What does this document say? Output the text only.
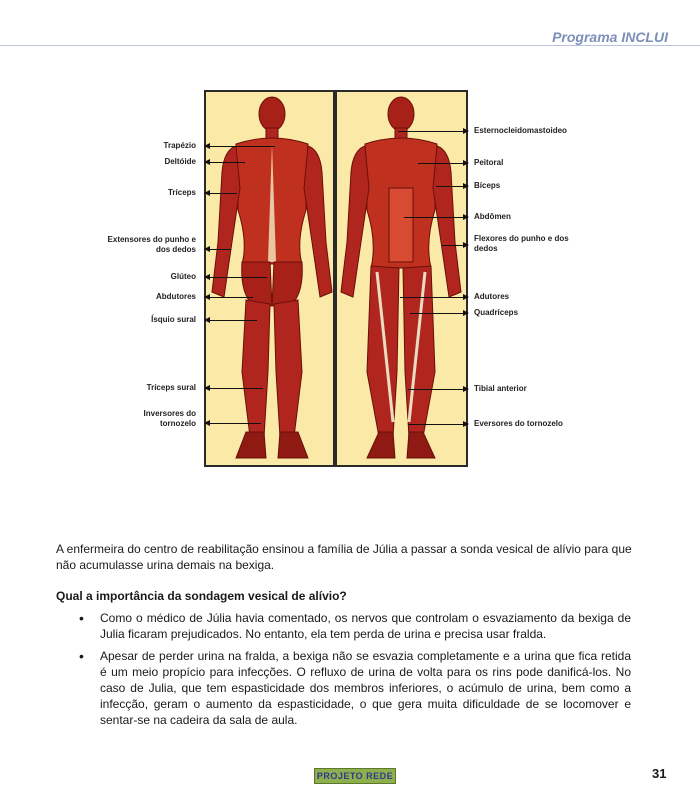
Programa INCLUI
Trapézio
Deltóide
Tríceps
Extensores do punho e dos dedos
Glúteo
Abdutores
Ísquio sural
Tríceps sural
Inversores do tornozelo
Esternocleidomastoideo
Peitoral
Bíceps
Abdômen
Flexores do punho e dos dedos
Adutores
Quadríceps
Tibial anterior
Eversores do tornozelo
A enfermeira do centro de reabilitação ensinou a família de Júlia a passar a sonda vesical de alívio para que não acumulasse urina demais na bexiga.
Qual a importância da sondagem vesical de alívio?
• Como o médico de Júlia havia comentado, os nervos que controlam o esvaziamento da bexiga de Julia ficaram prejudicados. No entanto, ela tem perda de urina e precisa usar fralda.
• Apesar de perder urina na fralda, a bexiga não se esvazia completamente e a urina que fica retida é um meio propício para infecções. O refluxo de urina de volta para os rins pode danificá-los. No caso de Julia, que tem espasticidade dos membros inferiores, o acúmulo de urina, bem como a infecção, geram o aumento da espasticidade, o que gera muita dificuldade de se locomover e sentar-se na cadeira da sala de aula.
PROJETO REDE	31
